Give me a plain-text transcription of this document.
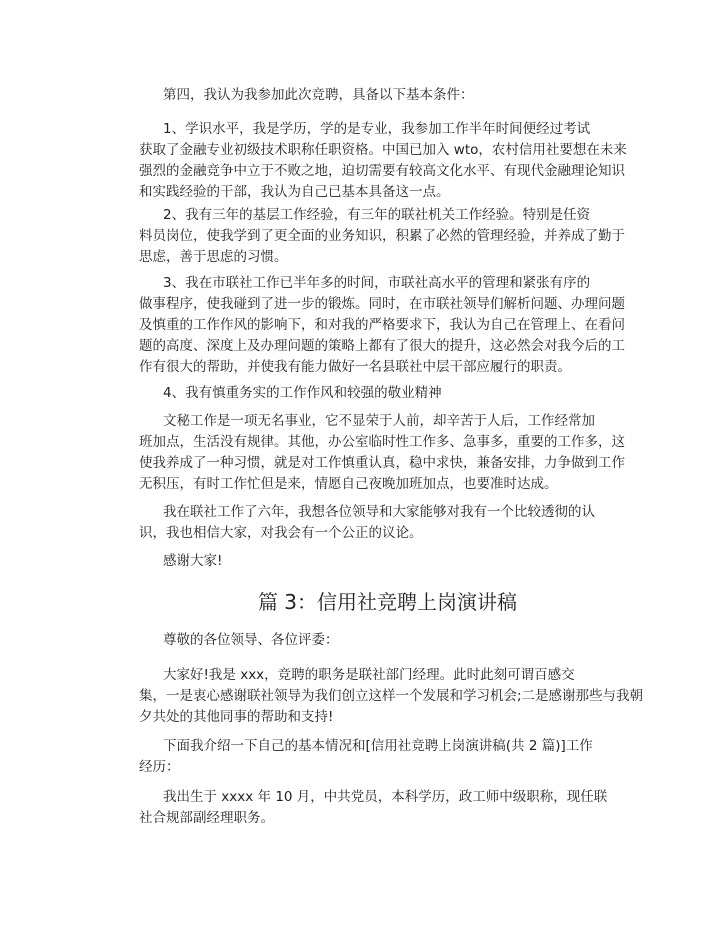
第四，我认为我参加此次竞聘，具备以下基本条件：
1、学识水平，我是学历，学的是专业，我参加工作半年时间便经过考试
获取了金融专业初级技术职称任职资格。中国已加入 wto，农村信用社要想在未来
强烈的金融竞争中立于不败之地，迫切需要有较高文化水平、有现代金融理论知识
和实践经验的干部，我认为自己已基本具备这一点。
2、我有三年的基层工作经验，有三年的联社机关工作经验。特别是任资
料员岗位，使我学到了更全面的业务知识，积累了必然的管理经验，并养成了勤于
思虑，善于思虑的习惯。
3、我在市联社工作已半年多的时间，市联社高水平的管理和紧张有序的
做事程序，使我碰到了进一步的锻炼。同时，在市联社领导们解析问题、办理问题
及慎重的工作作风的影响下，和对我的严格要求下，我认为自己在管理上、在看问
题的高度、深度上及办理问题的策略上都有了很大的提升，这必然会对我今后的工
作有很大的帮助，并使我有能力做好一名县联社中层干部应履行的职责。
4、我有慎重务实的工作作风和较强的敬业精神
文秘工作是一项无名事业，它不显荣于人前，却辛苦于人后，工作经常加
班加点，生活没有规律。其他，办公室临时性工作多、急事多，重要的工作多，这
使我养成了一种习惯，就是对工作慎重认真，稳中求快，兼备安排，力争做到工作
无积压，有时工作忙但是来，情愿自己夜晚加班加点，也要准时达成。
我在联社工作了六年，我想各位领导和大家能够对我有一个比较透彻的认
识，我也相信大家，对我会有一个公正的议论。
感谢大家!
篇 3：信用社竞聘上岗演讲稿
尊敬的各位领导、各位评委：
大家好!我是 xxx，竞聘的职务是联社部门经理。此时此刻可谓百感交
集，一是衷心感谢联社领导为我们创立这样一个发展和学习机会;二是感谢那些与我朝
夕共处的其他同事的帮助和支持!
下面我介绍一下自己的基本情况和[信用社竞聘上岗演讲稿(共 2 篇)]工作
经历：
我出生于 xxxx 年 10 月，中共党员，本科学历，政工师中级职称，现任联
社合规部副经理职务。
